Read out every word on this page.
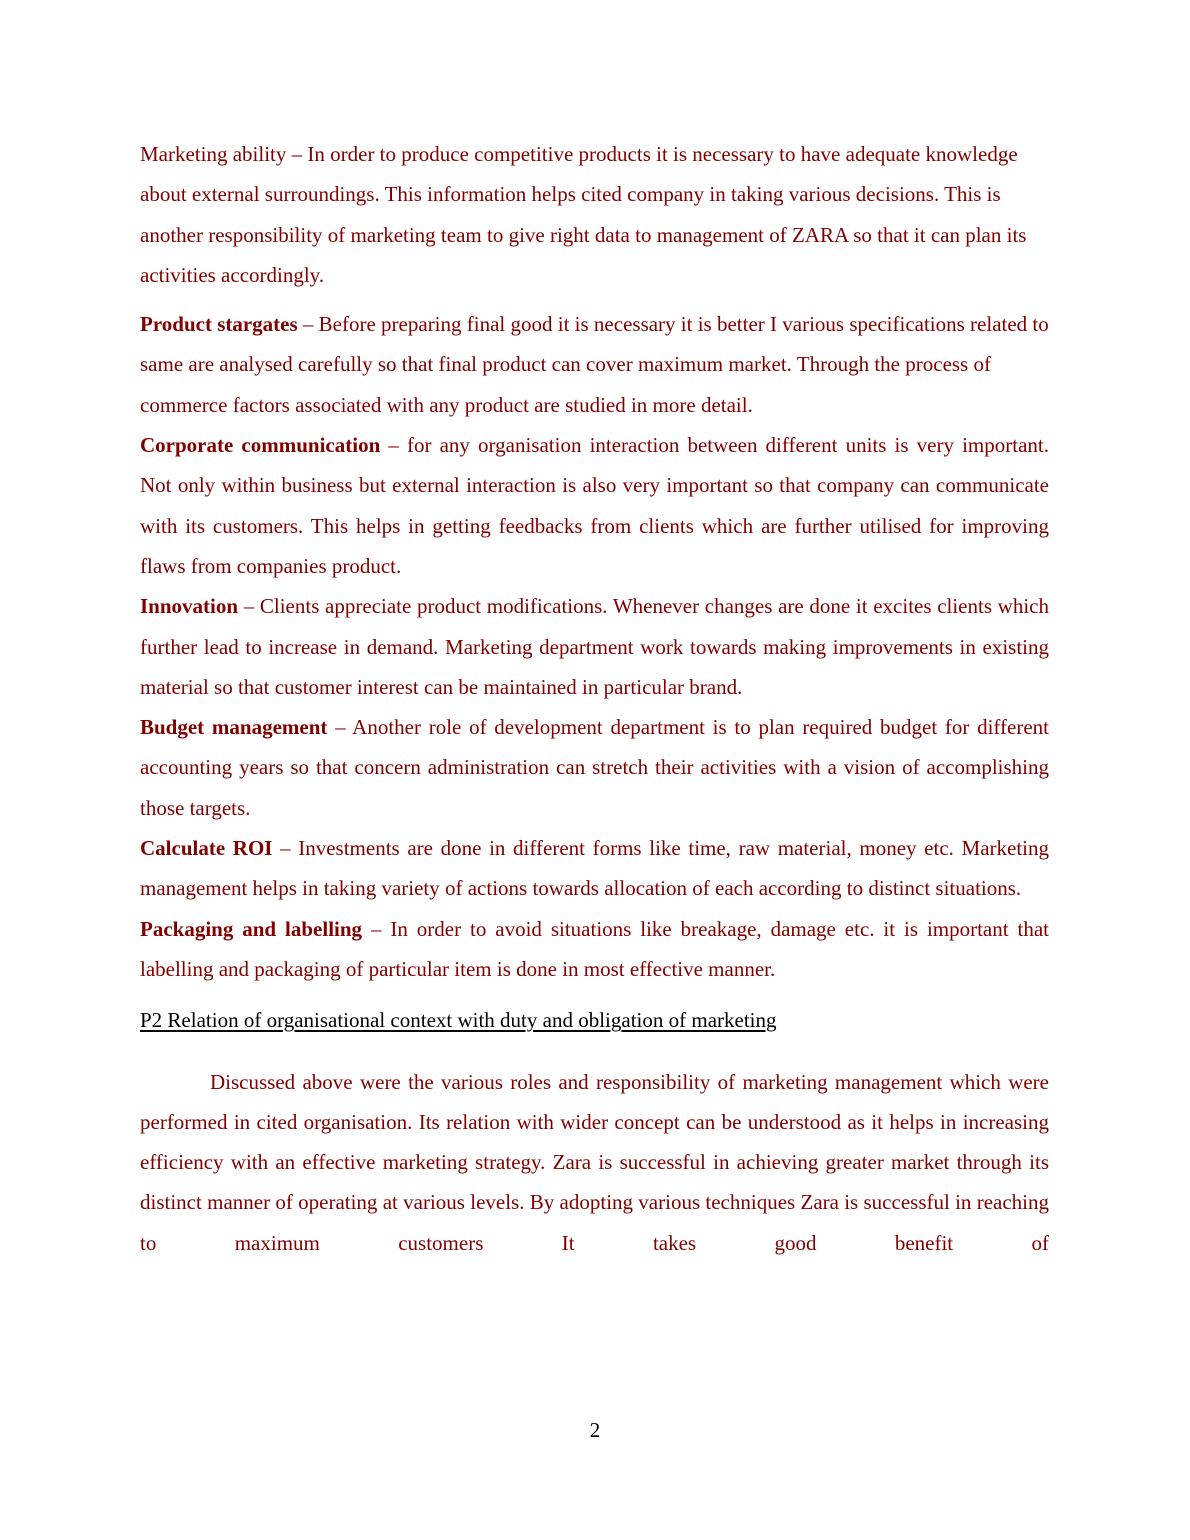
Marketing ability – In order to produce competitive products it is necessary to have adequate knowledge about external surroundings. This information helps cited company in taking various decisions. This is another responsibility of marketing team to give right data to management of ZARA so that it can plan its activities accordingly.

Product stargates – Before preparing final good it is necessary it is better I various specifications related to same are analysed carefully so that final product can cover maximum market. Through the process of commerce factors associated with any product are studied in more detail.

Corporate communication – for any organisation interaction between different units is very important. Not only within business but external interaction is also very important so that company can communicate with its customers. This helps in getting feedbacks from clients which are further utilised for improving flaws from companies product.

Innovation – Clients appreciate product modifications. Whenever changes are done it excites clients which further lead to increase in demand. Marketing department work towards making improvements in existing material so that customer interest can be maintained in particular brand.

Budget management – Another role of development department is to plan required budget for different accounting years so that concern administration can stretch their activities with a vision of accomplishing those targets.

Calculate ROI – Investments are done in different forms like time, raw material, money etc. Marketing management helps in taking variety of actions towards allocation of each according to distinct situations.

Packaging and labelling – In order to avoid situations like breakage, damage etc. it is important that labelling and packaging of particular item is done in most effective manner.

P2 Relation of organisational context with duty and obligation of marketing

Discussed above were the various roles and responsibility of marketing management which were performed in cited organisation. Its relation with wider concept can be understood as it helps in increasing efficiency with an effective marketing strategy. Zara is successful in achieving greater market through its distinct manner of operating at various levels. By adopting various techniques Zara is successful in reaching to maximum customers It takes good benefit of

2
